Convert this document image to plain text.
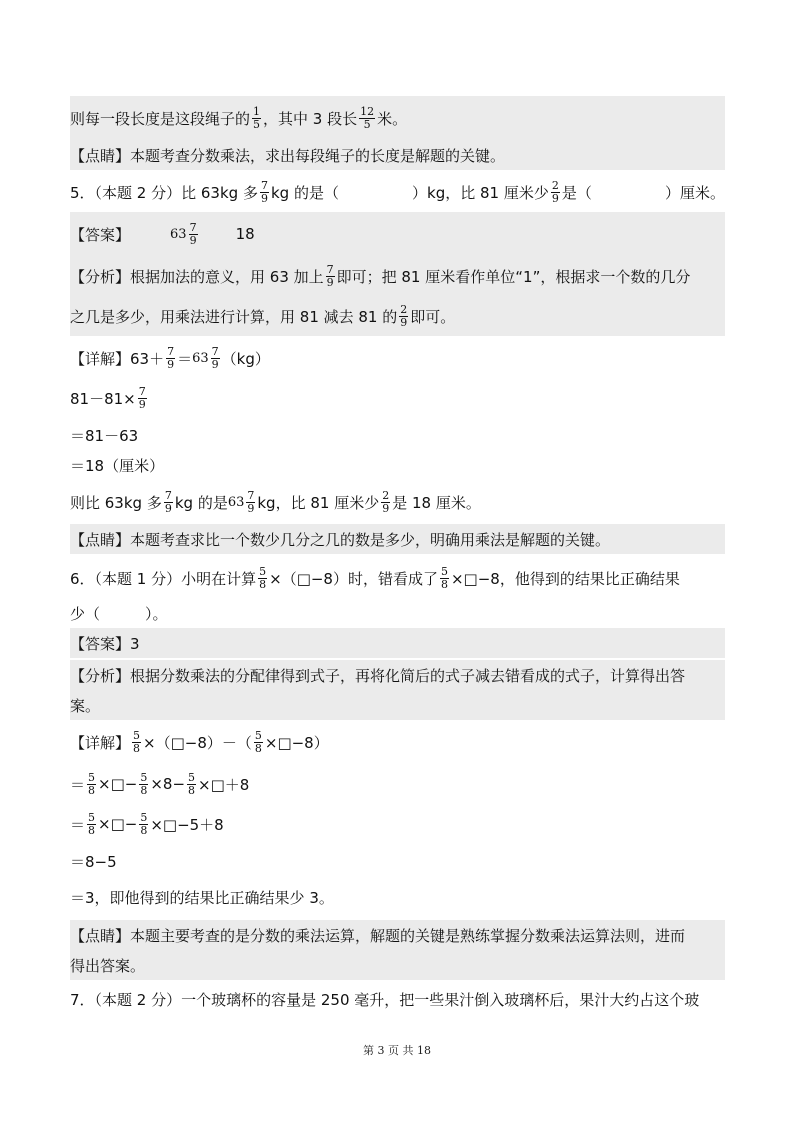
则每一段长度是这段绳子的 $\frac{1}{5}$ ，其中 3 段长 $\frac{12}{5}$ 米。
【点睛】本题考查分数乘法，求出每段绳子的长度是解题的关键。
5．（本题 2 分）比 63kg 多 $\frac{7}{9}$ kg 的是（	）kg，比 81 厘米少 $\frac{2}{9}$ 是（	）厘米。
【答案】	$63 \frac{7}{9}$	18
【分析】根据加法的意义，用 63 加上 $\frac{7}{9}$ 即可；把 81 厘米看作单位“1”，根据求一个数的几分
之几是多少，用乘法进行计算，用 81 减去 81 的 $\frac{2}{9}$ 即可。
【详解】$63+ \frac{7}{9} = 63 \frac{7}{9} (kg)$
$81-81\times \frac{7}{9}$
＝81－63
＝18（厘米）
则比 63kg 多 $\frac{7}{9}$ kg 的是 $63 \frac{7}{9}$ kg，比 81 厘米少 $\frac{2}{9}$ 是 18 厘米。
【点睛】本题考查求比一个数少几分之几的数是多少，明确用乘法是解题的关键。
6．（本题 1 分）小明在计算 $\frac{5}{8}$ ×（□−8）时，错看成了 $\frac{5}{8}$ ×□−8，他得到的结果比正确结果
少（　　　）。
【答案】3
【分析】根据分数乘法的分配律得到式子，再将化简后的式子减去错看成的式子，计算得出答
案。
【详解】 $\frac{5}{8}$ ×（□−8）－（ $\frac{5}{8}$ ×□−8）
＝ $\frac{5}{8}$ ×□− $\frac{5}{8} \times 8- \frac{5}{8}$ ×□＋8
＝ $\frac{5}{8}$ ×□− $\frac{5}{8}$ ×□−5＋8
＝8−5
＝3，即他得到的结果比正确结果少 3。
【点睛】本题主要考查的是分数的乘法运算，解题的关键是熟练掌握分数乘法运算法则，进而
得出答案。
7．（本题 2 分）一个玻璃杯的容量是 250 毫升，把一些果汁倒入玻璃杯后，果汁大约占这个玻
第 3 页 共 18
